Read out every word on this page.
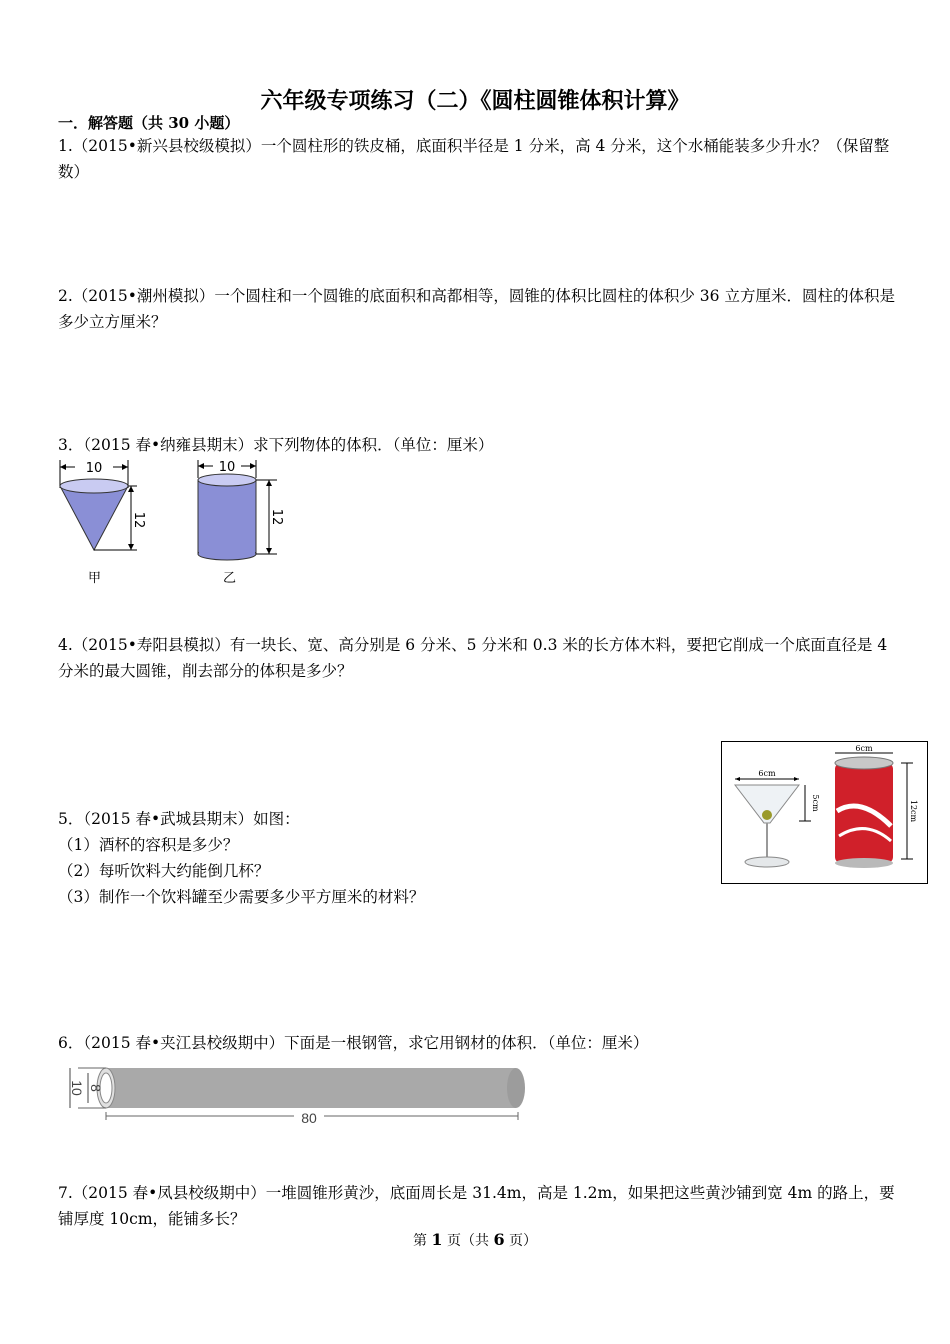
六年级专项练习（二）《圆柱圆锥体积计算》
一．解答题（共 30 小题）
1.（2015•新兴县校级模拟）一个圆柱形的铁皮桶，底面积半径是 1 分米，高 4 分米，这个水桶能装多少升水？（保留整数）
2.（2015•潮州模拟）一个圆柱和一个圆锥的底面积和高都相等，圆锥的体积比圆柱的体积少 36 立方厘米．圆柱的体积是多少立方厘米？
3．（2015 春•纳雍县期末）求下列物体的体积．（单位：厘米）
10
12
甲
10
12
乙
4.（2015•寿阳县模拟）有一块长、宽、高分别是 6 分米、5 分米和 0.3 米的长方体木料，要把它削成一个底面直径是 4 分米的最大圆锥，削去部分的体积是多少？
5．（2015 春•武城县期末）如图：
（1）酒杯的容积是多少？
（2）每听饮料大约能倒几杯？
（3）制作一个饮料罐至少需要多少平方厘米的材料？
6cm
5cm
6cm
12cm
6．（2015 春•夹江县校级期中）下面是一根钢管，求它用钢材的体积．（单位：厘米）
10 8
80
7.（2015 春•凤县校级期中）一堆圆锥形黄沙，底面周长是 31.4m，高是 1.2m，如果把这些黄沙铺到宽 4m 的路上，要铺厚度 10cm，能铺多长？
第 1 页（共 6 页）
